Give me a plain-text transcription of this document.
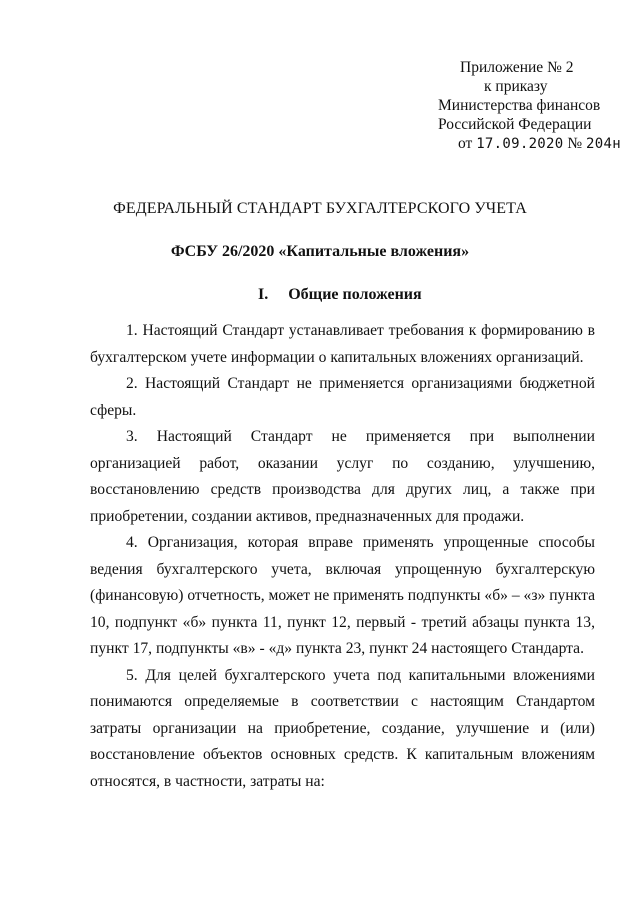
Приложение № 2
к приказу
Министерства финансов
Российской Федерации
от 17.09.2020 № 204н
ФЕДЕРАЛЬНЫЙ СТАНДАРТ БУХГАЛТЕРСКОГО УЧЕТА
ФСБУ 26/2020 «Капитальные вложения»
I. Общие положения

1. Настоящий Стандарт устанавливает требования к формированию в бухгалтерском учете информации о капитальных вложениях организаций.

2. Настоящий Стандарт не применяется организациями бюджетной сферы.

3. Настоящий Стандарт не применяется при выполнении организацией работ, оказании услуг по созданию, улучшению, восстановлению средств производства для других лиц, а также при приобретении, создании активов, предназначенных для продажи.

4. Организация, которая вправе применять упрощенные способы ведения бухгалтерского учета, включая упрощенную бухгалтерскую (финансовую) отчетность, может не применять подпункты «б» – «з» пункта 10, подпункт «б» пункта 11, пункт 12, первый - третий абзацы пункта 13, пункт 17, подпункты «в» - «д» пункта 23, пункт 24 настоящего Стандарта.

5. Для целей бухгалтерского учета под капитальными вложениями понимаются определяемые в соответствии с настоящим Стандартом затраты организации на приобретение, создание, улучшение и (или) восстановление объектов основных средств. К капитальным вложениям относятся, в частности, затраты на:
